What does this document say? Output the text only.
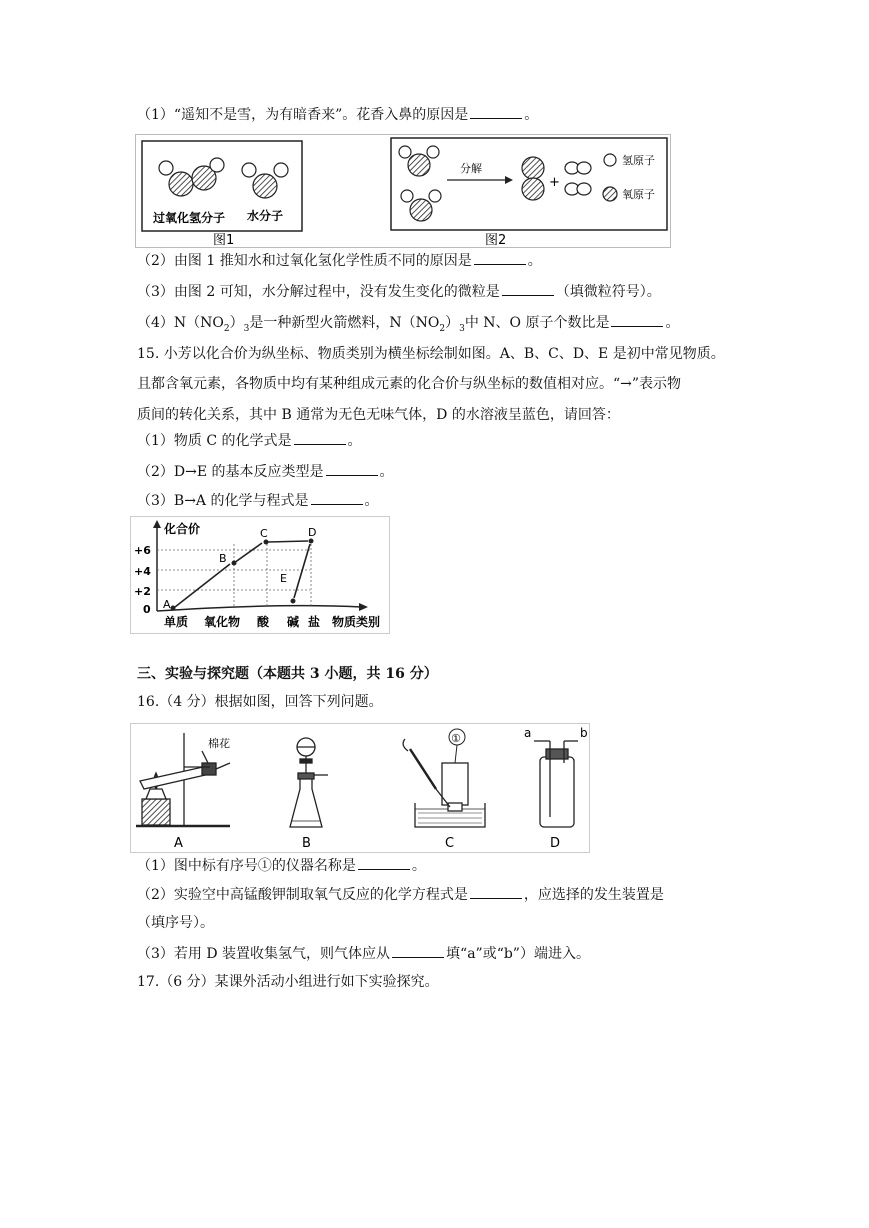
（1）“遥知不是雪，为有暗香来”。花香入鼻的原因是	。
过氧化氢分子 水分子
图1
分解
+
氢原子
氧原子
图2
（2）由图 1 推知水和过氧化氢化学性质不同的原因是	。
（3）由图 2 可知，水分解过程中，没有发生变化的微粒是	（填微粒符号）。
$(4)N(NO_2)_3$是一种新型火箭燃料，$N(NO_2)_3$中 N、O 原子个数比是	。
15. 小芳以化合价为纵坐标、物质类别为横坐标绘制如图。A、B、C、D、E 是初中常见物质。
且都含氧元素，各物质中均有某种组成元素的化合价与纵坐标的数值相对应。“→”表示物
质间的转化关系，其中 B 通常为无色无味气体，D 的水溶液呈蓝色，请回答：
（1）物质 C 的化学式是	。
（2）D→E 的基本反应类型是	。
（3）B→A 的化学与程式是	。
化合价
+6
+4
+2
0 A
B
C	D
E
单质 氧化物 酸 碱 盐 物质类别
三、实验与探究题（本题共 3 小题，共 16 分）
16.（4 分）根据如图，回答下列问题。
棉花
A	B
①
C
a	b
D
（1）图中标有序号①的仪器名称是	。
（2）实验空中高锰酸钾制取氧气反应的化学方程式是	，应选择的发生装置是
（填序号）。
（3）若用 D 装置收集氢气，则气体应从	填“a”或“b”）端进入。
17.（6 分）某课外活动小组进行如下实验探究。
